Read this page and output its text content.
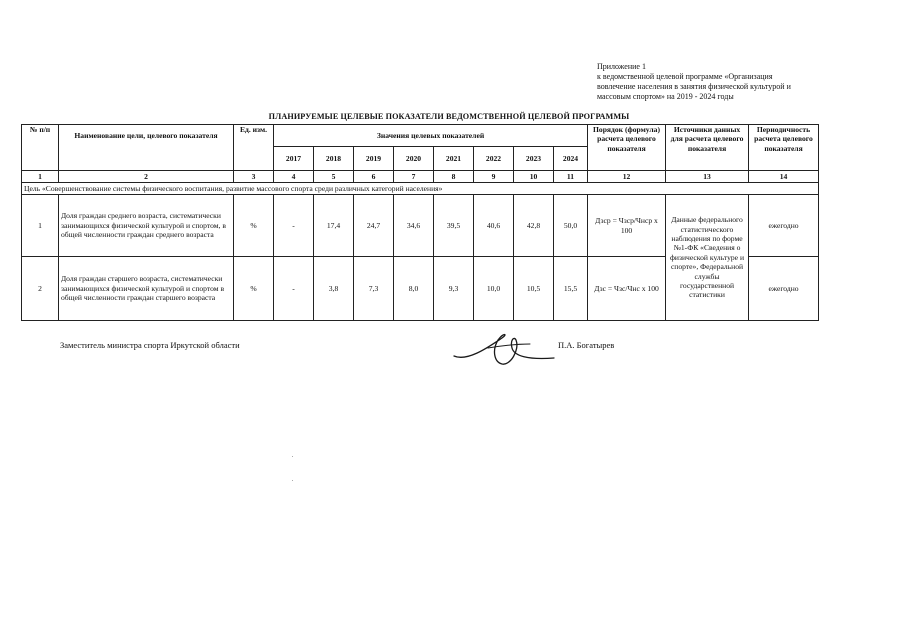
Приложение 1
к ведомственной целевой программе «Организация
вовлечение населения в занятия физической культурой и
массовым спортом» на 2019 - 2024 годы
ПЛАНИРУЕМЫЕ ЦЕЛЕВЫЕ ПОКАЗАТЕЛИ ВЕДОМСТВЕННОЙ ЦЕЛЕВОЙ ПРОГРАММЫ
№ п/п	Наименование цели, целевого показателя	Ед. изм.	Значения целевых показателей								Порядок (формула) расчета целевого показателя	Источники данных для расчета целевого показателя	Периодичность расчета целевого показателя
			2017	2018	2019	2020	2021	2022	2023	2024			
1	2	3	4	5	6	7	8	9	10	11	12	13	14
Цель «Совершенствование системы физического воспитания, развитие массового спорта среди различных категорий населения»													
1	Доля граждан среднего возраста, систематически занимающихся физической культурой и спортом, в общей численности граждан среднего возраста	%	-	17,4	24,7	34,6	39,5	40,6	42,8	50,0	Дзср = Чзср/Чнср х 100	Данные федерального статистического наблюдения по форме №1-ФК «Сведения о физической культуре и спорте», Федеральной службы государственной статистики	ежегодно
2	Доля граждан старшего возраста, систематически занимающихся физической культурой и спортом в общей численности граждан старшего возраста	%	-	3,8	7,3	8,0	9,3	10,0	10,5	15,5	Дзс = Чзс/Чнс х 100		ежегодно
Заместитель министра спорта Иркутской области	П.А. Богатырев
